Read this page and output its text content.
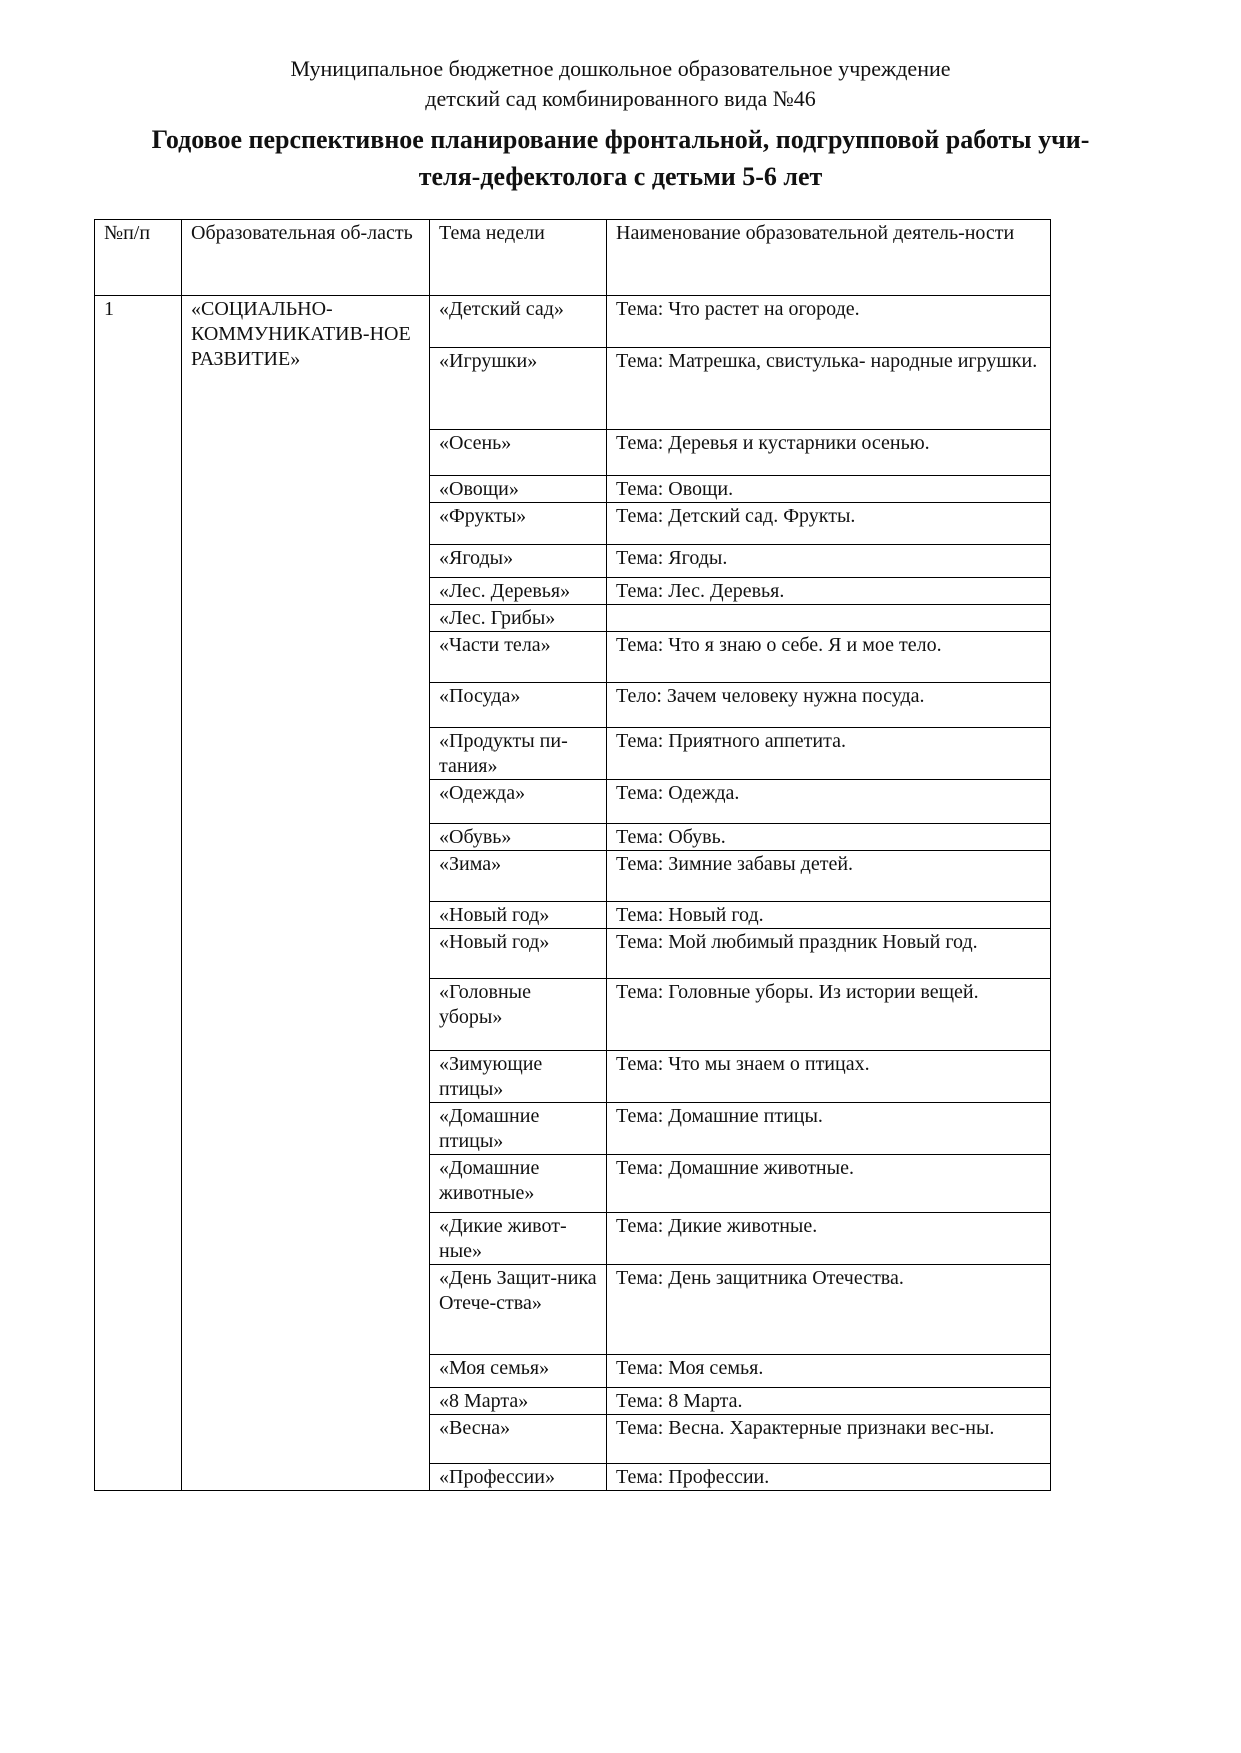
Муниципальное бюджетное дошкольное образовательное учреждение
детский сад комбинированного вида №46
Годовое перспективное планирование фронтальной, подгрупповой работы учи-
теля-дефектолога с детьми 5-6 лет
№п/п	Образовательная об-ласть	Тема недели	Наименование образовательной деятель-ности
1	«СОЦИАЛЬНО-КОММУНИКАТИВ-НОЕ РАЗВИТИЕ»	«Детский сад»	Тема: Что растет на огороде.
		«Игрушки»	Тема: Матрешка, свистулька- народные игрушки.
		«Осень»	Тема: Деревья и кустарники осенью.
		«Овощи»	Тема: Овощи.
		«Фрукты»	Тема: Детский сад. Фрукты.
		«Ягоды»	Тема: Ягоды.
		«Лес. Деревья»	Тема: Лес. Деревья.
		«Лес. Грибы»	
		«Части тела»	Тема: Что я знаю о себе. Я и мое тело.
		«Посуда»	Тело: Зачем человеку нужна посуда.
		«Продукты пи-тания»	Тема: Приятного аппетита.
		«Одежда»	Тема: Одежда.
		«Обувь»	Тема: Обувь.
		«Зима»	Тема: Зимние забавы детей.
		«Новый год»	Тема: Новый год.
		«Новый год»	Тема: Мой любимый праздник Новый год.
		«Головные уборы»	Тема: Головные уборы. Из истории вещей.
		«Зимующие птицы»	Тема: Что мы знаем о птицах.
		«Домашние птицы»	Тема: Домашние птицы.
		«Домашние животные»	Тема: Домашние животные.
		«Дикие живот-ные»	Тема: Дикие животные.
		«День Защит-ника Отече-ства»	Тема: День защитника Отечества.
		«Моя семья»	Тема: Моя семья.
		«8 Марта»	Тема: 8 Марта.
		«Весна»	Тема: Весна. Характерные признаки вес-ны.
		«Профессии»	Тема: Профессии.
